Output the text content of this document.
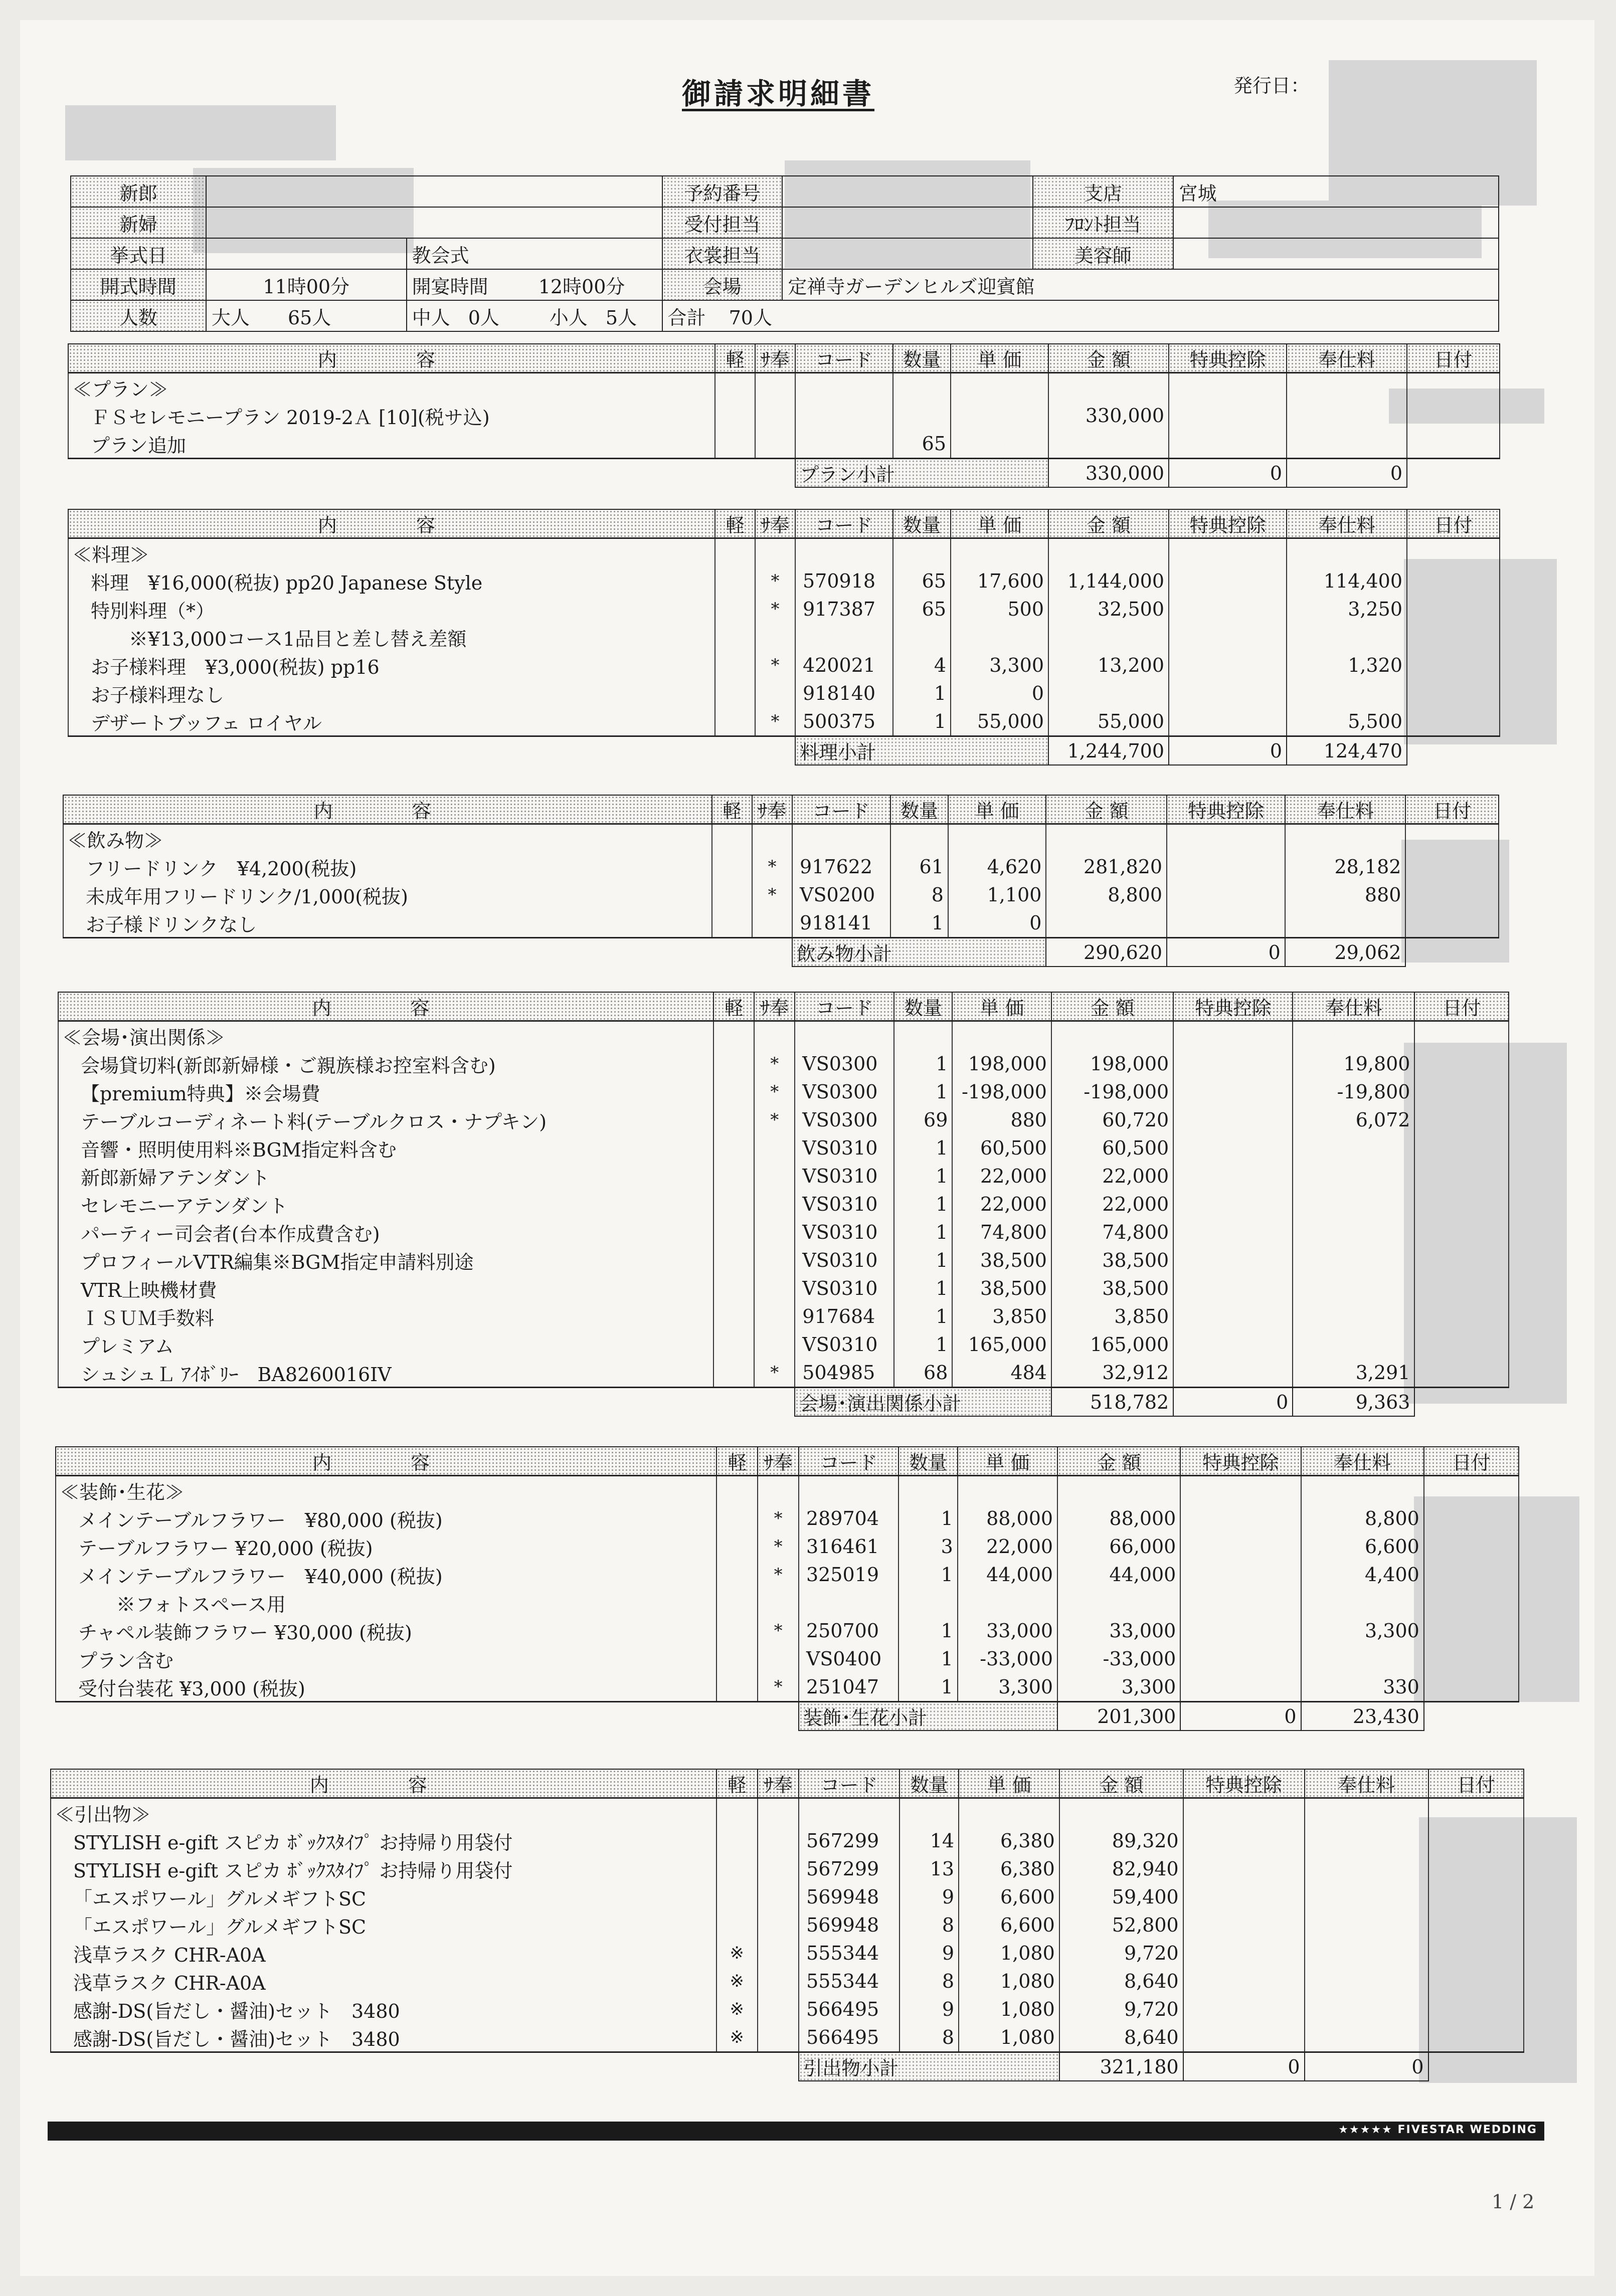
御請求明細書	発行日：
新郎			予約番号		支店	宮城
新婦			受付担当		ﾌﾛﾝﾄ担当	
挙式日		教会式	衣裳担当		美容師	
開式時間	11時00分	開宴時間 12時00分	会場	定禅寺ガーデンヒルズ迎賓館		
人数	大人 65人	中人 0人 小人 5人	合計 70人			
内　容	軽	ｻ奉	コード	数量	単 価	金 額	特典控除	奉仕料	日付
≪プラン≫									
ＦＳセレモニープラン 2019-2Ａ [10](税サ込)						330,000			
プラン追加				65					
			プラン小計			330,000	0	0	
内　容	軽	ｻ奉	コード	数量	単 価	金 額	特典控除	奉仕料	日付
≪料理≫									
料理　¥16,000(税抜) pp20 Japanese Style		*	570918	65	17,600	1,144,000		114,400	
特別料理（*）		*	917387	65	500	32,500		3,250	
※¥13,000コース1品目と差し替え差額									
お子様料理　¥3,000(税抜) pp16		*	420021	4	3,300	13,200		1,320	
お子様料理なし			918140	1	0				
デザートブッフェ ロイヤル		*	500375	1	55,000	55,000		5,500	
			料理小計			1,244,700	0	124,470	
内　容	軽	ｻ奉	コード	数量	単 価	金 額	特典控除	奉仕料	日付
≪飲み物≫									
フリードリンク　¥4,200(税抜)		*	917622	61	4,620	281,820		28,182	
未成年用フリードリンク/1,000(税抜)		*	VS0200	8	1,100	8,800		880	
お子様ドリンクなし			918141	1	0				
			飲み物小計			290,620	0	29,062	
内　容	軽	ｻ奉	コード	数量	単 価	金 額	特典控除	奉仕料	日付
≪会場･演出関係≫									
会場貸切料(新郎新婦様・ご親族様お控室料含む)		*	VS0300	1	198,000	198,000		19,800	
【premium特典】※会場費		*	VS0300	1	-198,000	-198,000		-19,800	
テーブルコーディネート料(テーブルクロス・ナプキン)		*	VS0300	69	880	60,720		6,072	
音響・照明使用料※BGM指定料含む			VS0310	1	60,500	60,500			
新郎新婦アテンダント			VS0310	1	22,000	22,000			
セレモニーアテンダント			VS0310	1	22,000	22,000			
パーティー司会者(台本作成費含む)			VS0310	1	74,800	74,800			
プロフィールVTR編集※BGM指定申請料別途			VS0310	1	38,500	38,500			
VTR上映機材費			VS0310	1	38,500	38,500			
ＩＳＵＭ手数料			917684	1	3,850	3,850			
プレミアム			VS0310	1	165,000	165,000			
シュシュＬ ｱｲﾎﾞﾘｰ　BA8260016IV		*	504985	68	484	32,912		3,291	
			会場･演出関係小計			518,782	0	9,363	
内　容	軽	ｻ奉	コード	数量	単 価	金 額	特典控除	奉仕料	日付
≪装飾･生花≫									
メインテーブルフラワー　¥80,000 (税抜)		*	289704	1	88,000	88,000		8,800	
テーブルフラワー ¥20,000 (税抜)		*	316461	3	22,000	66,000		6,600	
メインテーブルフラワー　¥40,000 (税抜)		*	325019	1	44,000	44,000		4,400	
※フォトスペース用									
チャペル装飾フラワー ¥30,000 (税抜)		*	250700	1	33,000	33,000		3,300	
プラン含む			VS0400	1	-33,000	-33,000			
受付台装花 ¥3,000 (税抜)		*	251047	1	3,300	3,300		330	
			装飾･生花小計			201,300	0	23,430	
内　容	軽	ｻ奉	コード	数量	単 価	金 額	特典控除	奉仕料	日付
≪引出物≫									
STYLISH e-gift スピカ ﾎﾞｯｸｽﾀｲﾌﾟ お持帰り用袋付			567299	14	6,380	89,320			
STYLISH e-gift スピカ ﾎﾞｯｸｽﾀｲﾌﾟ お持帰り用袋付			567299	13	6,380	82,940			
「エスポワール」グルメギフトSC			569948	9	6,600	59,400			
「エスポワール」グルメギフトSC			569948	8	6,600	52,800			
浅草ラスク CHR-A0A	※		555344	9	1,080	9,720			
浅草ラスク CHR-A0A	※		555344	8	1,080	8,640			
感謝-DS(旨だし・醤油)セット　3480	※		566495	9	1,080	9,720			
感謝-DS(旨だし・醤油)セット　3480	※		566495	8	1,080	8,640			
			引出物小計			321,180	0	0	
★★★★★ FIVESTAR WEDDING
1 / 2
